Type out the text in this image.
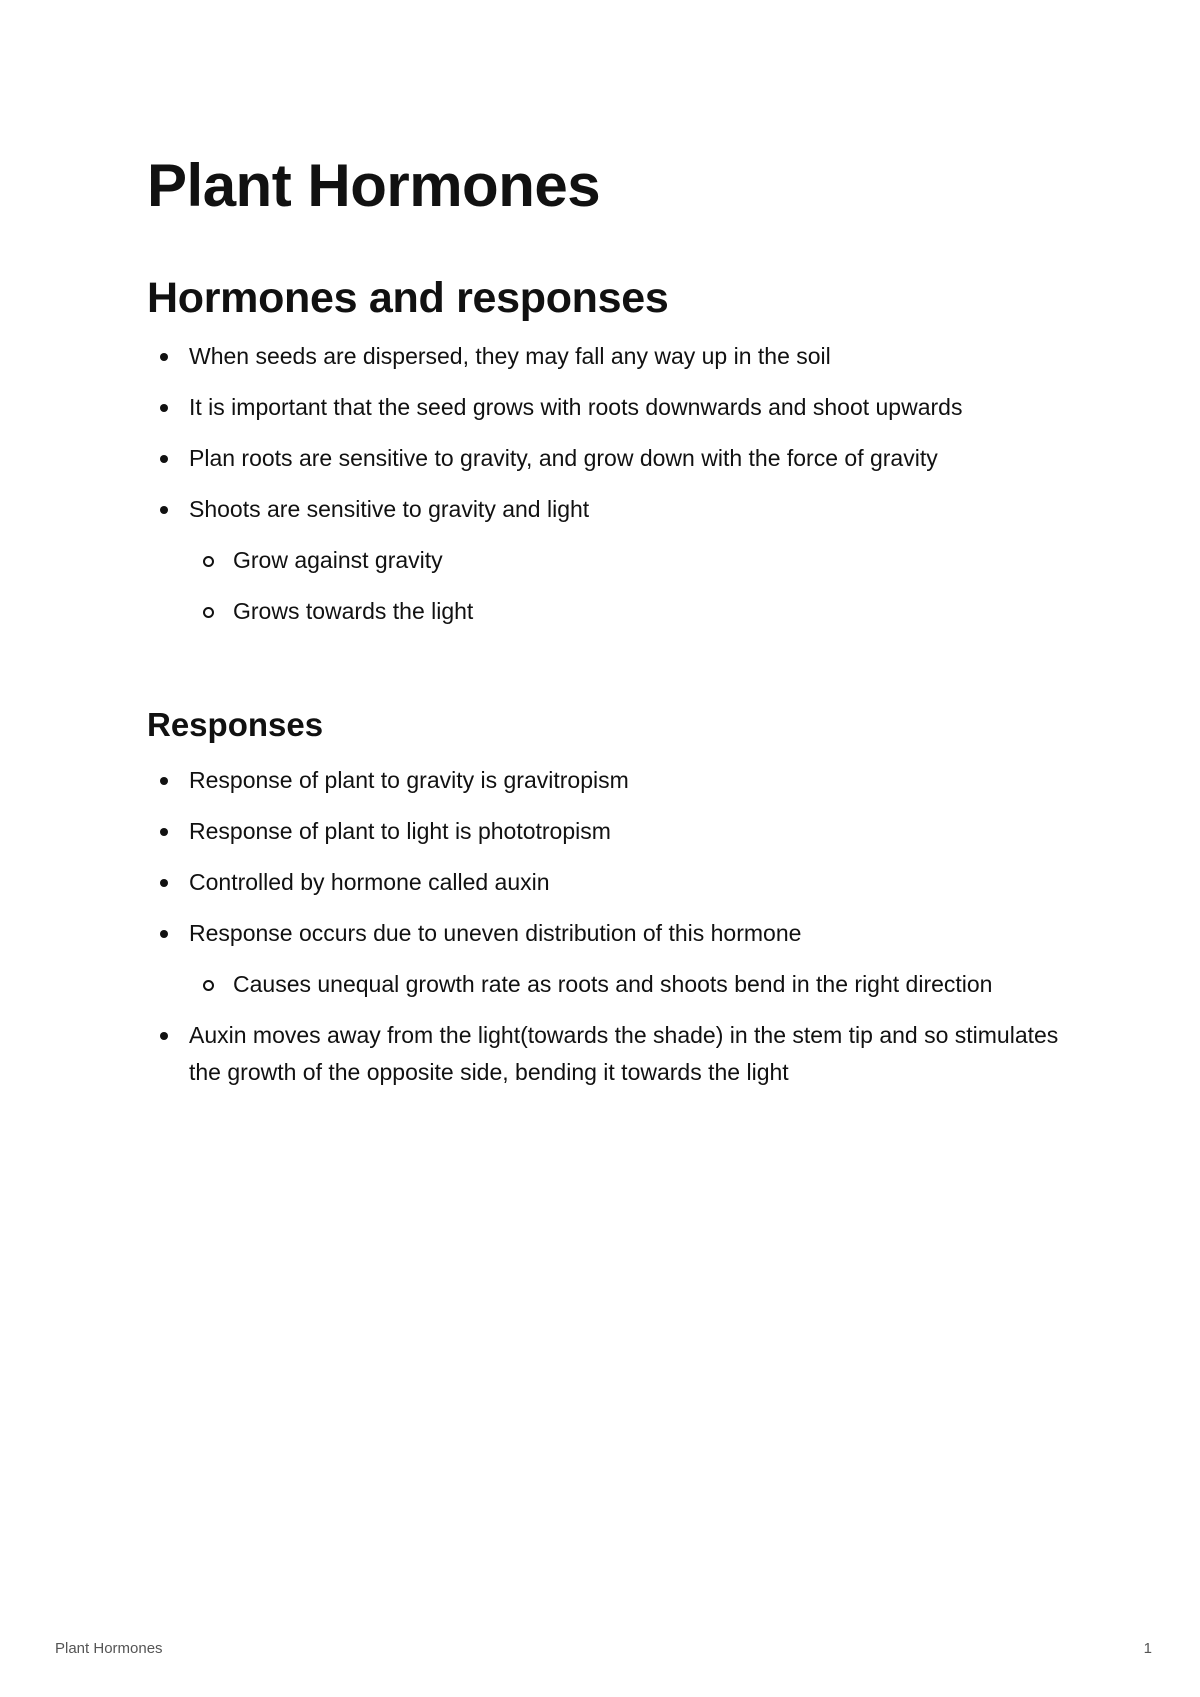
Plant Hormones
Hormones and responses
When seeds are dispersed, they may fall any way up in the soil
It is important that the seed grows with roots downwards and shoot upwards
Plan roots are sensitive to gravity, and grow down with the force of gravity
Shoots are sensitive to gravity and light
Grow against gravity
Grows towards the light
Responses
Response of plant to gravity is gravitropism
Response of plant to light is phototropism
Controlled by hormone called auxin
Response occurs due to uneven distribution of this hormone
Causes unequal growth rate as roots and shoots bend in the right direction
Auxin moves away from the light(towards the shade) in the stem tip and so stimulates the growth of the opposite side, bending it towards the light
Plant Hormones	1
